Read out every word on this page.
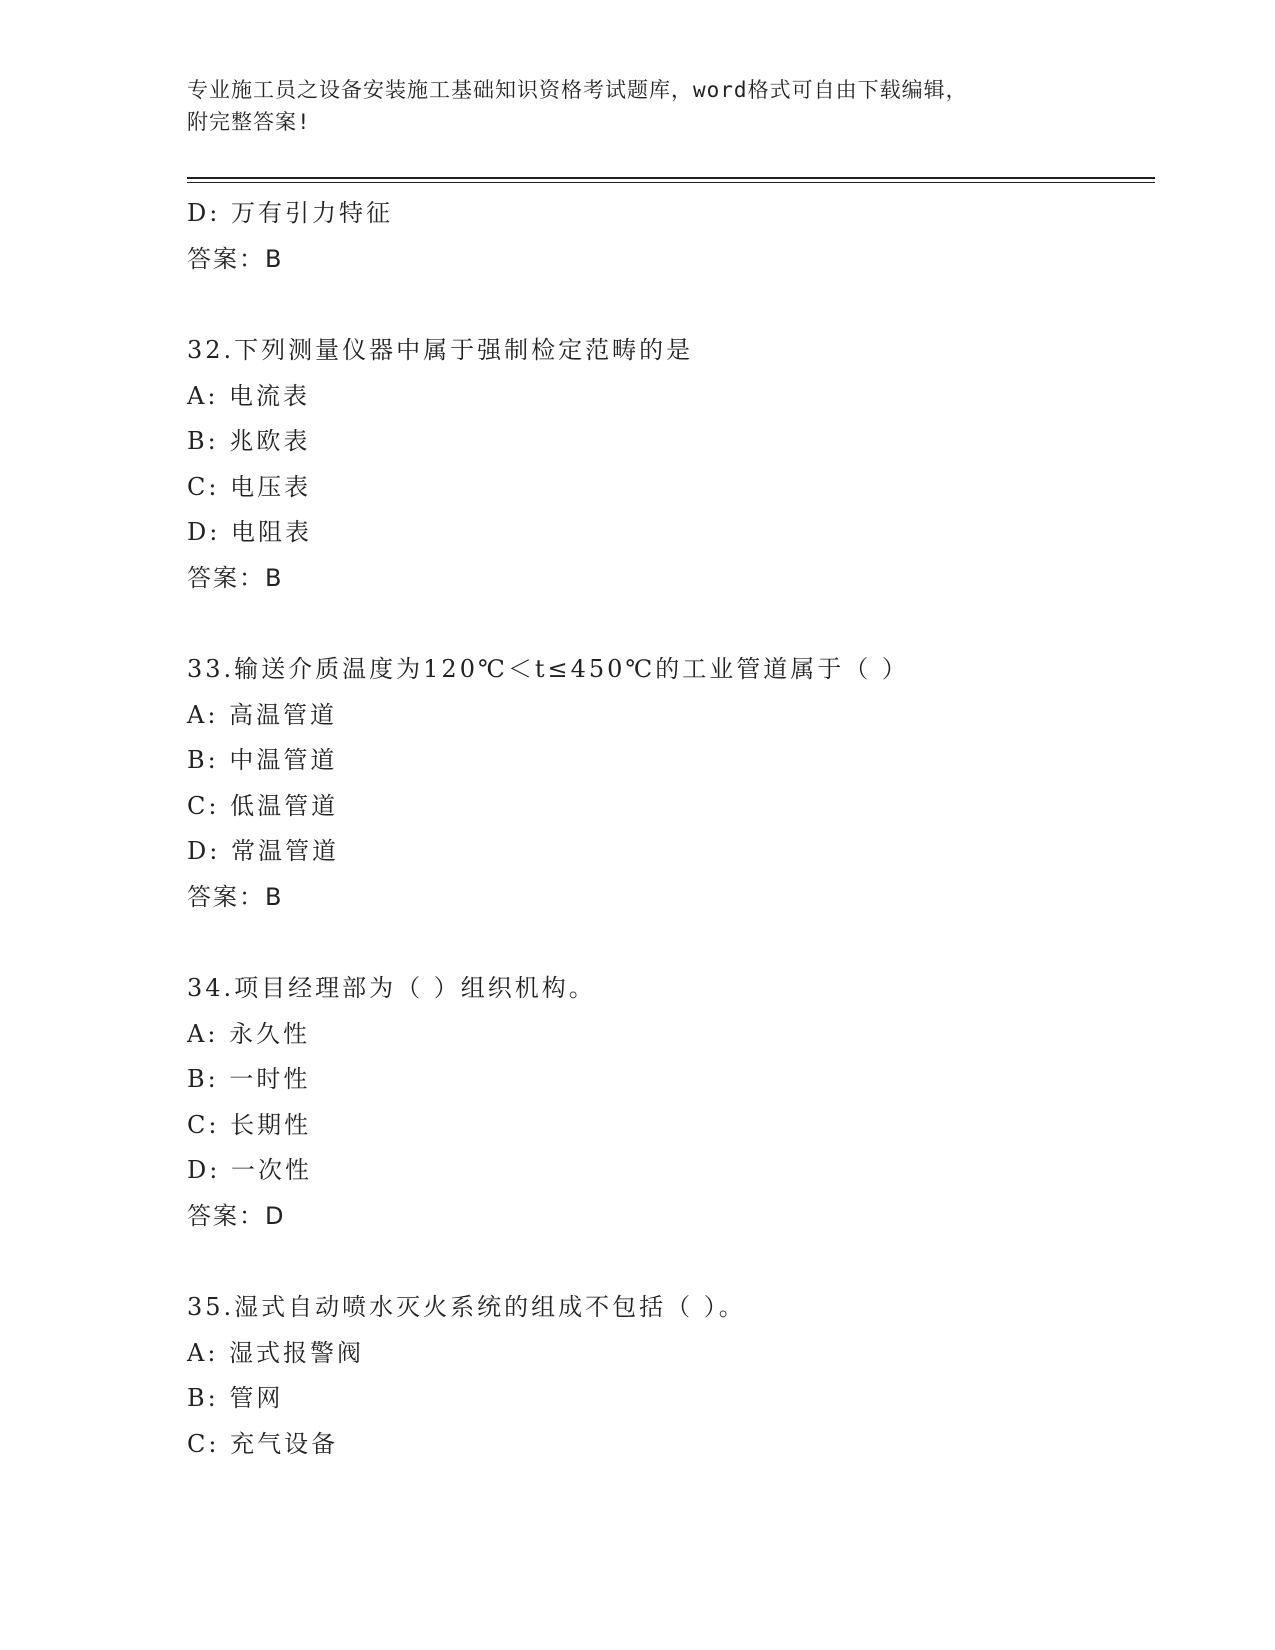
专业施工员之设备安装施工基础知识资格考试题库，word格式可自由下载编辑，
附完整答案!
D: 万有引力特征
答案：B
32.下列测量仪器中属于强制检定范畴的是
A: 电流表
B: 兆欧表
C: 电压表
D: 电阻表
答案：B
33.输送介质温度为120℃＜t≤450℃的工业管道属于（ ）
A: 高温管道
B: 中温管道
C: 低温管道
D: 常温管道
答案：B
34.项目经理部为（ ）组织机构。
A: 永久性
B: 一时性
C: 长期性
D: 一次性
答案：D
35.湿式自动喷水灭火系统的组成不包括（ ）。
A: 湿式报警阀
B: 管网
C: 充气设备
